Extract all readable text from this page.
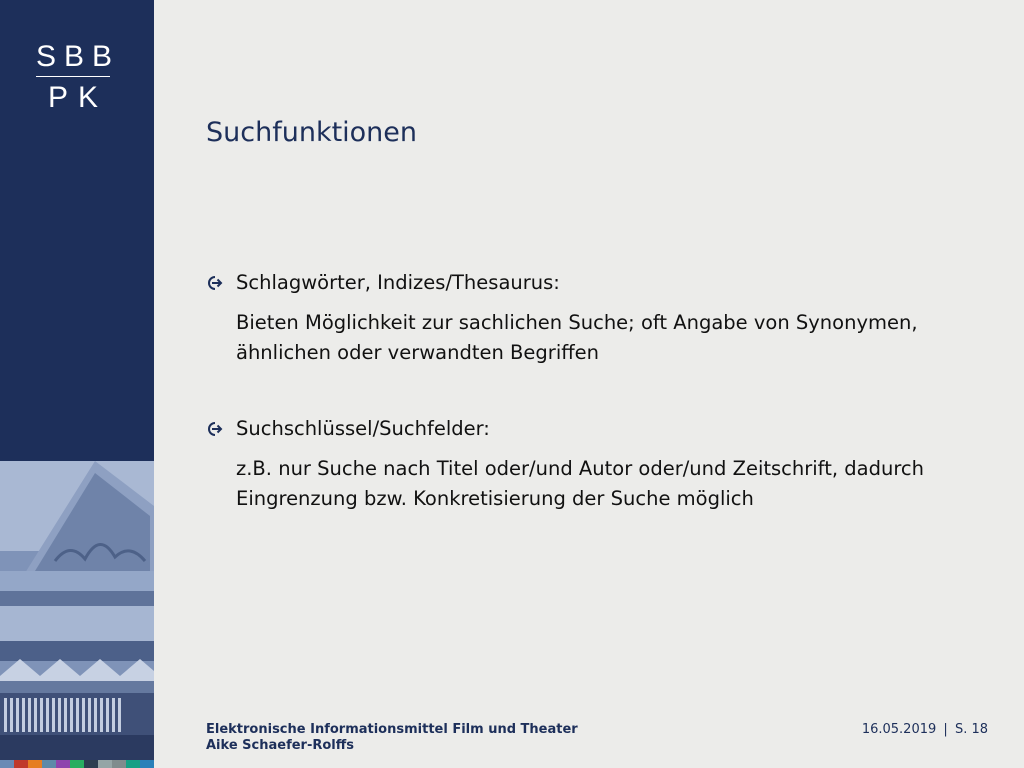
SBB
PK
Suchfunktionen
Schlagwörter, Indizes/Thesaurus:
Bieten Möglichkeit zur sachlichen Suche; oft Angabe von Synonymen, ähnlichen oder verwandten Begriffen
Suchschlüssel/Suchfelder:
z.B. nur Suche nach Titel oder/und Autor oder/und Zeitschrift, dadurch Eingrenzung bzw. Konkretisierung der Suche möglich
Elektronische Informationsmittel Film und Theater
Aike Schaefer-Rolffs
16.05.2019 | S. 18
